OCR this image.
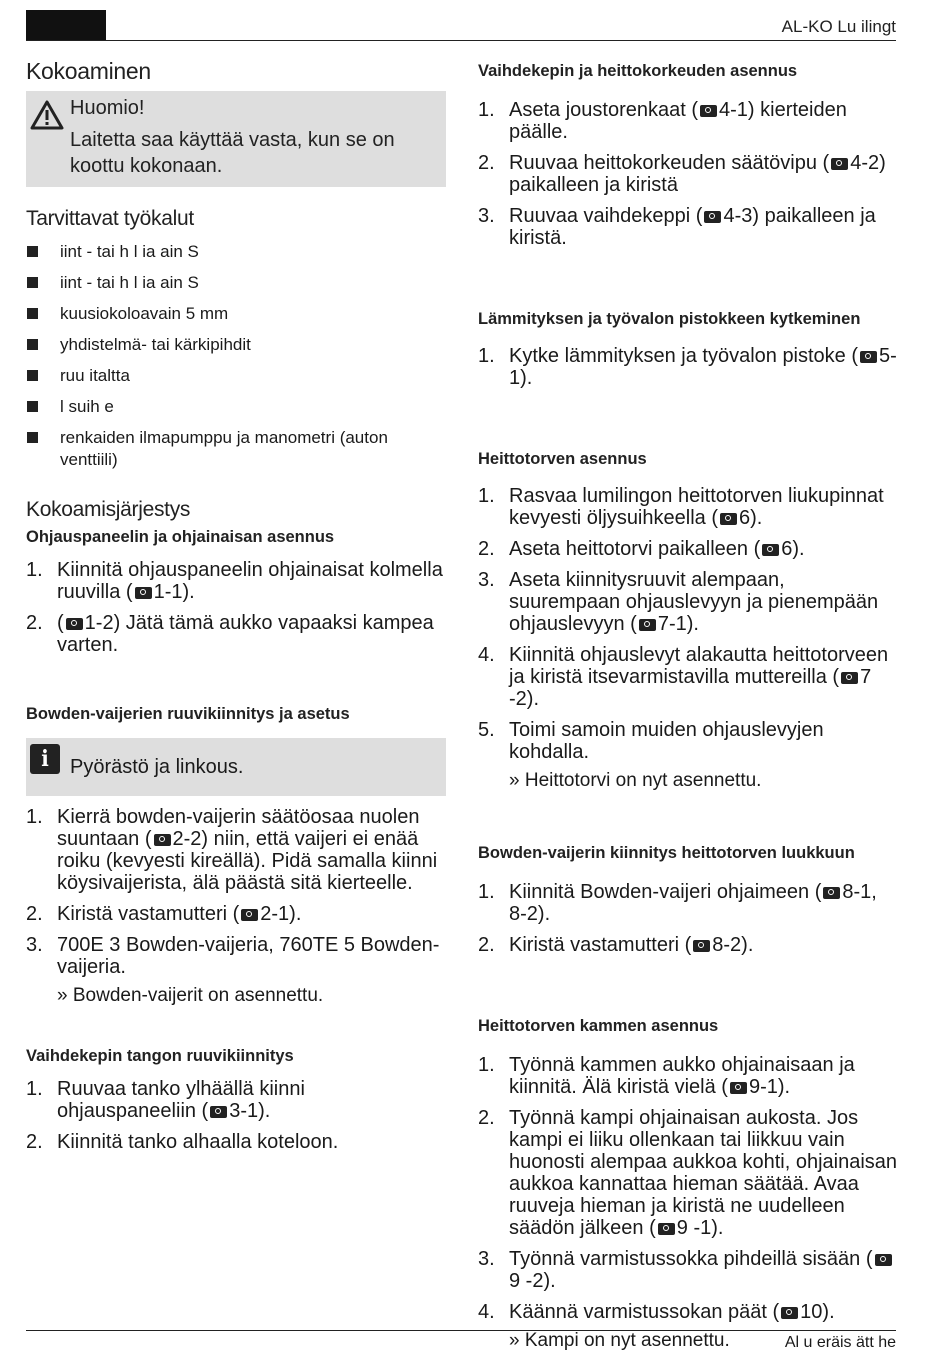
AL-KO Lu ilingt
Kokoaminen
Huomio!
Laitetta saa käyttää vasta, kun se on koottu kokonaan.
Tarvittavat työkalut
iint - tai h l ia ain S
iint - tai h l ia ain S
kuusiokoloavain 5 mm
yhdistelmä- tai kärkipihdit
ruu italtta
l suih e
renkaiden ilmapumppu ja manometri (auton venttiili)
Kokoamisjärjestys
Ohjauspaneelin ja ohjainaisan asennus
1. Kiinnitä ohjauspaneelin ohjainaisat kolmella ruuvilla ( 1-1).
2. ( 1-2) Jätä tämä aukko vapaaksi kampea varten.
Bowden-vaijerien ruuvikiinnitys ja asetus
i	Pyörästö ja linkous.
1. Kierrä bowden-vaijerin säätöosaa nuolen suuntaan ( 2-2) niin, että vaijeri ei enää roiku (kevyesti kireällä). Pidä samalla kiinni köysivaijerista, älä päästä sitä kierteelle.
2. Kiristä vastamutteri ( 2-1).
3. 700E 3 Bowden-vaijeria, 760TE 5 Bowden-vaijeria.
» Bowden-vaijerit on asennettu.
Vaihdekepin tangon ruuvikiinnitys
1. Ruuvaa tanko ylhäällä kiinni ohjauspaneeliin ( 3-1).
2. Kiinnitä tanko alhaalla koteloon.
Vaihdekepin ja heittokorkeuden asennus
1. Aseta joustorenkaat ( 4-1) kierteiden päälle.
2. Ruuvaa heittokorkeuden säätövipu ( 4-2) paikalleen ja kiristä
3. Ruuvaa vaihdekeppi ( 4-3) paikalleen ja kiristä.
Lämmityksen ja työvalon pistokkeen kytkeminen
1. Kytke lämmityksen ja työvalon pistoke ( 5-1).
Heittotorven asennus
1. Rasvaa lumilingon heittotorven liukupinnat kevyesti öljysuihkeella ( 6).
2. Aseta heittotorvi paikalleen ( 6).
3. Aseta kiinnitysruuvit alempaan, suurempaan ohjauslevyyn ja pienempään ohjauslevyyn ( 7-1).
4. Kiinnitä ohjauslevyt alakautta heittotorveen ja kiristä itsevarmistavilla muttereilla ( 7 -2).
5. Toimi samoin muiden ohjauslevyjen kohdalla.
» Heittotorvi on nyt asennettu.
Bowden-vaijerin kiinnitys heittotorven luukkuun
1. Kiinnitä Bowden-vaijeri ohjaimeen ( 8-1, 8-2).
2. Kiristä vastamutteri ( 8-2).
Heittotorven kammen asennus
1. Työnnä kammen aukko ohjainaisaan ja kiinnitä. Älä kiristä vielä ( 9-1).
2. Työnnä kampi ohjainaisan aukosta. Jos kampi ei liiku ollenkaan tai liikkuu vain huonosti alempaa aukkoa kohti, ohjainaisan aukkoa kannattaa hieman säätää. Avaa ruuveja hieman ja kiristä ne uudelleen säädön jälkeen ( 9 -1).
3. Työnnä varmistussokka pihdeillä sisään (9 -2).
4. Käännä varmistussokan päät ( 10).
» Kampi on nyt asennettu.	Al u eräis ätt he
